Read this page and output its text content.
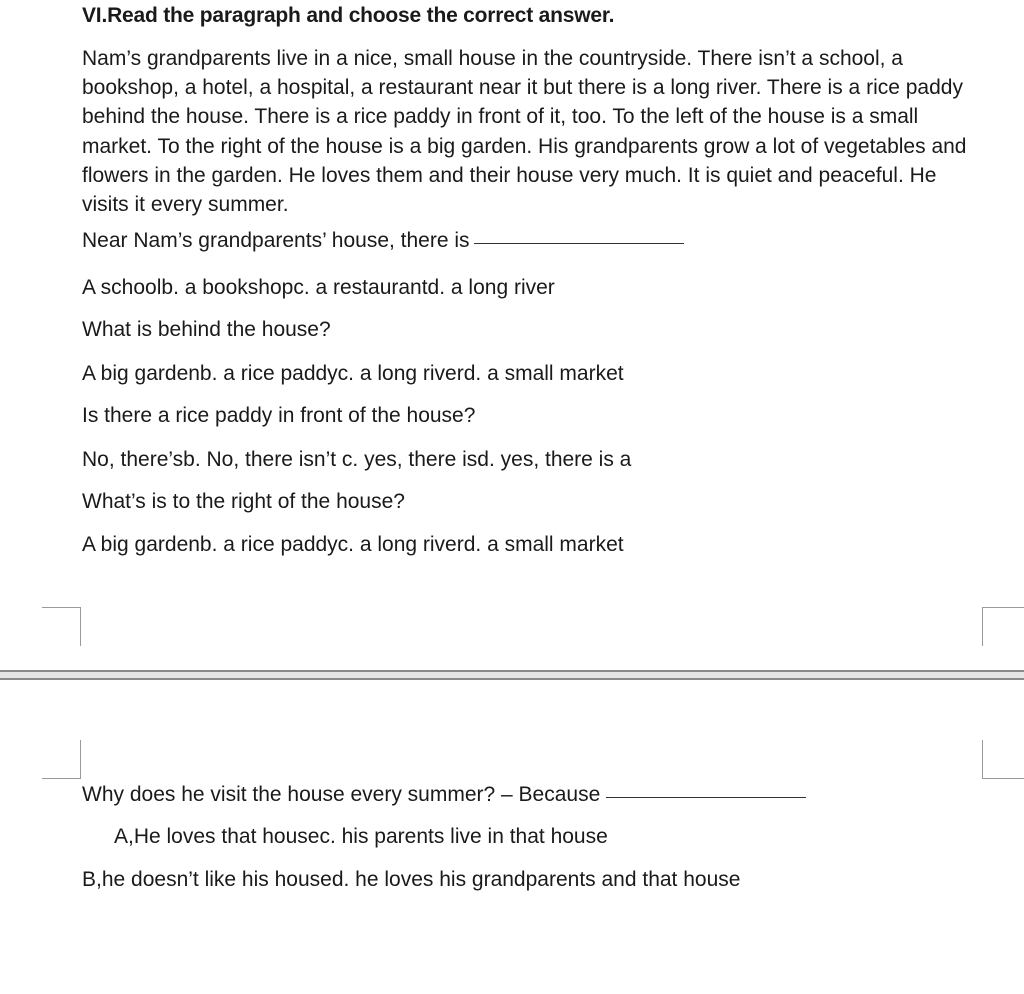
VI.Read the paragraph and choose the correct answer.
Nam’s grandparents live in a nice, small house in the countryside. There isn’t a school, a bookshop, a hotel, a hospital, a restaurant near it but there is a long river. There is a rice paddy behind the house. There is a rice paddy in front of it, too. To the left of the house is a small market. To the right of the house is a big garden. His grandparents grow a lot of vegetables and flowers in the garden. He loves them and their house very much. It is quiet and peaceful. He visits it every summer.
Near Nam’s grandparents’ house, there is
A schoolb. a bookshopc. a restaurantd. a long river
What is behind the house?
A big gardenb. a rice paddyc. a long riverd. a small market
Is there a rice paddy in front of the house?
No, there’sb. No, there isn’t c. yes, there isd. yes, there is a
What’s is to the right of the house?
A big gardenb. a rice paddyc. a long riverd. a small market
Why does he visit the house every summer? – Because
A,He loves that housec. his parents live in that house
B,he doesn’t like his housed. he loves his grandparents and that house
